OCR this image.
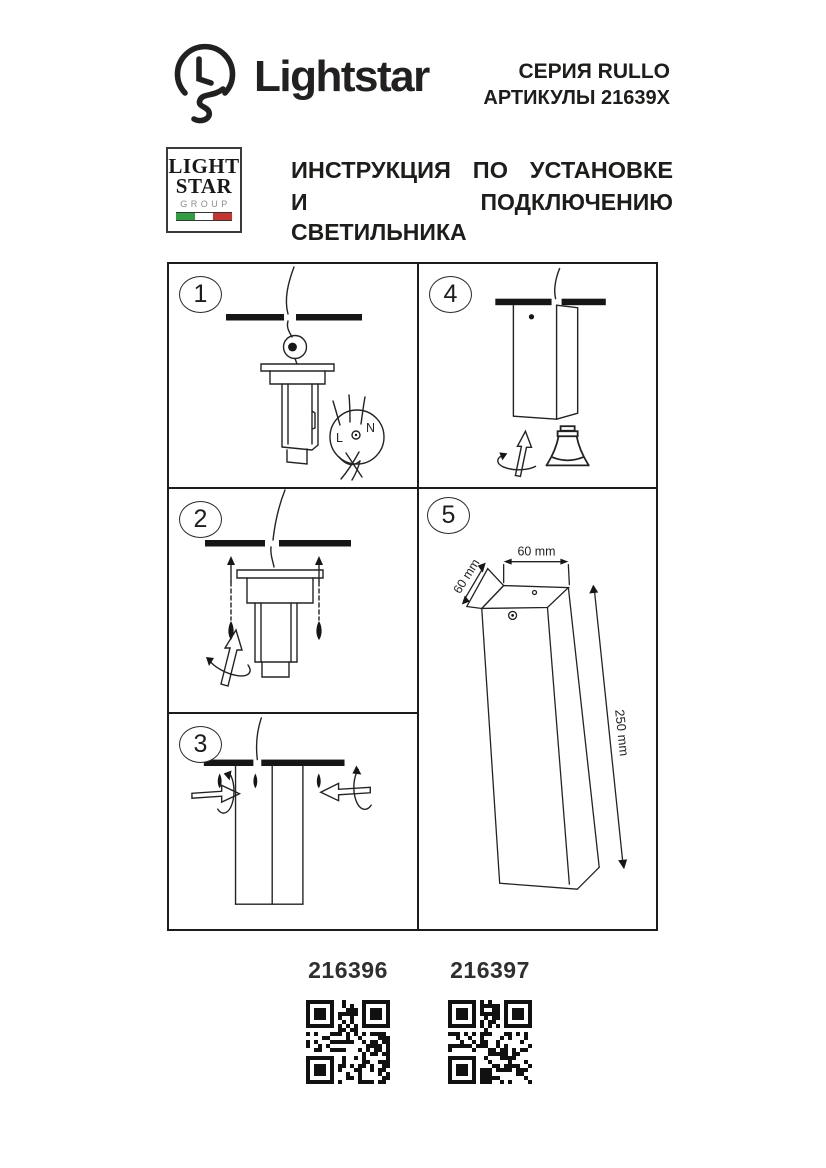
Lightstar	СЕРИЯ RULLO
АРТИКУЛЫ 21639X
LIGHT
STAR
GROUP
ИНСТРУКЦИЯ ПО УСТАНОВКЕ
И ПОДКЛЮЧЕНИЮ СВЕТИЛЬНИКА
1
L
N
2
3
4
5
60 mm
60 mm
250 mm
216396	216397
